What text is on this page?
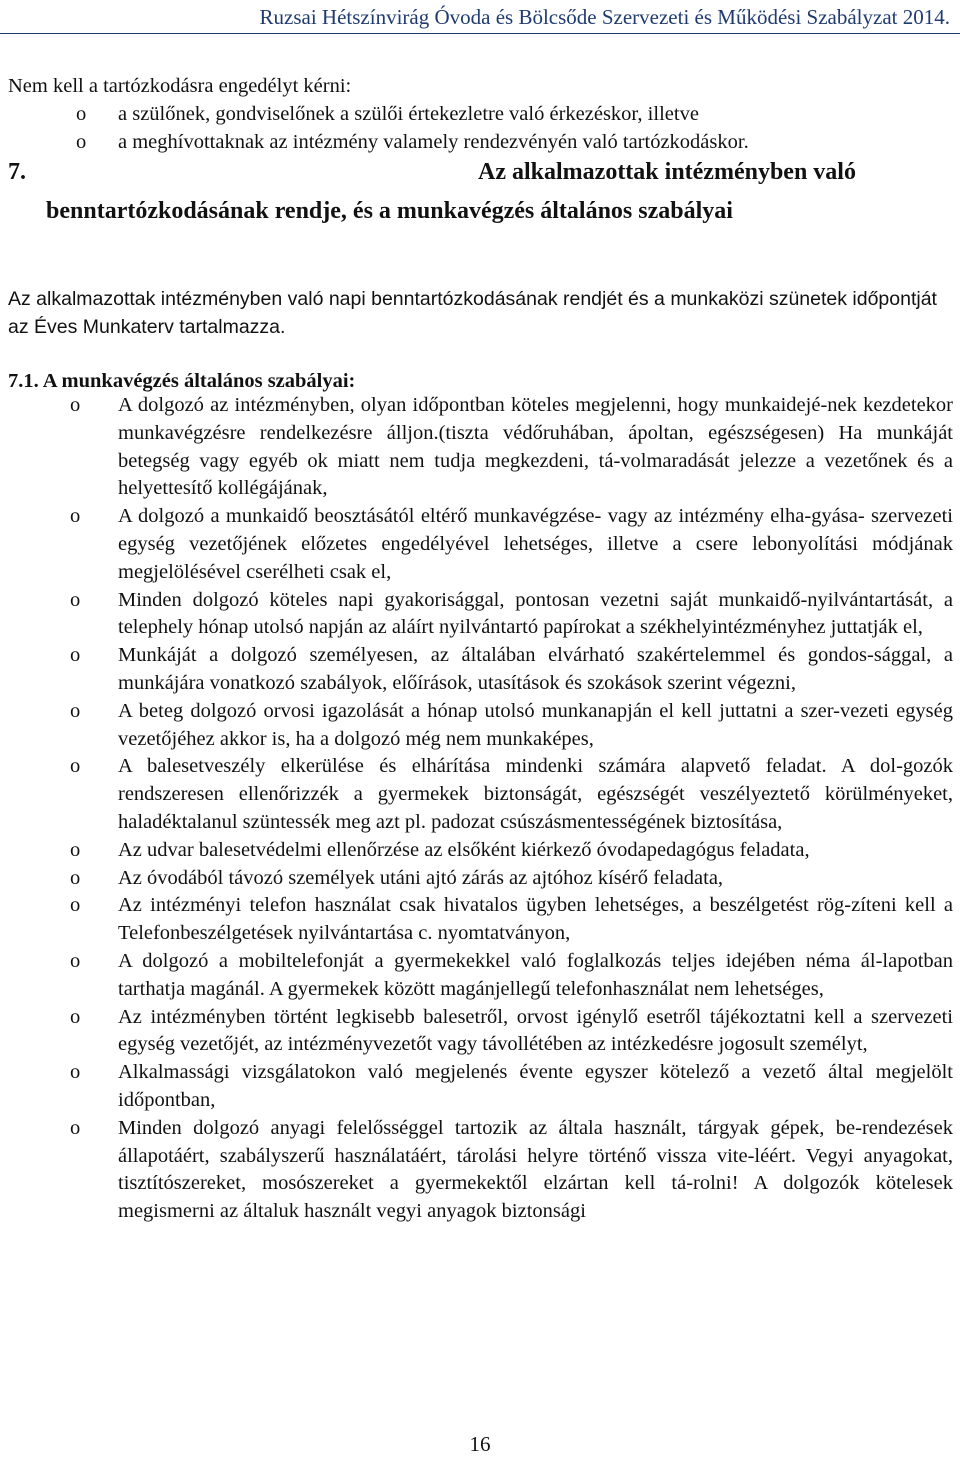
Ruzsai Hétszínvirág Óvoda és Bölcsőde Szervezeti és Működési Szabályzat 2014.
Nem kell a tartózkodásra engedélyt kérni:
o a szülőnek, gondviselőnek a szülői értekezletre való érkezéskor, illetve
o a meghívottaknak az intézmény valamely rendezvényén való tartózkodáskor.
7.	Az alkalmazottak intézményben való
benntartózkodásának rendje, és a munkavégzés általános szabályai
Az alkalmazottak intézményben való napi benntartózkodásának rendjét és a munkaközi szünetek időpontját az Éves Munkaterv tartalmazza.
7.1. A munkavégzés általános szabályai:
o A dolgozó az intézményben, olyan időpontban köteles megjelenni, hogy munkaidejé-nek kezdetekor munkavégzésre rendelkezésre álljon.(tiszta védőruhában, ápoltan, egészségesen) Ha munkáját betegség vagy egyéb ok miatt nem tudja megkezdeni, tá-volmaradását jelezze a vezetőnek és a helyettesítő kollégájának,
o A dolgozó a munkaidő beosztásától eltérő munkavégzése- vagy az intézmény elha-gyása- szervezeti egység vezetőjének előzetes engedélyével lehetséges, illetve a csere lebonyolítási módjának megjelölésével cserélheti csak el,
o Minden dolgozó köteles napi gyakorisággal, pontosan vezetni saját munkaidő-nyilvántartását, a telephely hónap utolsó napján az aláírt nyilvántartó papírokat a székhelyintézményhez juttatják el,
o Munkáját a dolgozó személyesen, az általában elvárható szakértelemmel és gondos-sággal, a munkájára vonatkozó szabályok, előírások, utasítások és szokások szerint végezni,
o A beteg dolgozó orvosi igazolását a hónap utolsó munkanapján el kell juttatni a szer-vezeti egység vezetőjéhez akkor is, ha a dolgozó még nem munkaképes,
o A balesetveszély elkerülése és elhárítása mindenki számára alapvető feladat. A dol-gozók rendszeresen ellenőrizzék a gyermekek biztonságát, egészségét veszélyeztető körülményeket, haladéktalanul szüntessék meg azt pl. padozat csúszásmentességének biztosítása,
o Az udvar balesetvédelmi ellenőrzése az elsőként kiérkező óvodapedagógus feladata,
o Az óvodából távozó személyek utáni ajtó zárás az ajtóhoz kísérő feladata,
o Az intézményi telefon használat csak hivatalos ügyben lehetséges, a beszélgetést rög-zíteni kell a Telefonbeszélgetések nyilvántartása c. nyomtatványon,
o A dolgozó a mobiltelefonját a gyermekekkel való foglalkozás teljes idejében néma ál-lapotban tarthatja magánál. A gyermekek között magánjellegű telefonhasználat nem lehetséges,
o Az intézményben történt legkisebb balesetről, orvost igénylő esetről tájékoztatni kell a szervezeti egység vezetőjét, az intézményvezetőt vagy távollétében az intézkedésre jogosult személyt,
o Alkalmassági vizsgálatokon való megjelenés évente egyszer kötelező a vezető által megjelölt időpontban,
o Minden dolgozó anyagi felelősséggel tartozik az általa használt, tárgyak gépek, be-rendezések állapotáért, szabályszerű használatáért, tárolási helyre történő vissza vite-léért. Vegyi anyagokat, tisztítószereket, mosószereket a gyermekektől elzártan kell tá-rolni! A dolgozók kötelesek megismerni az általuk használt vegyi anyagok biztonsági
16
